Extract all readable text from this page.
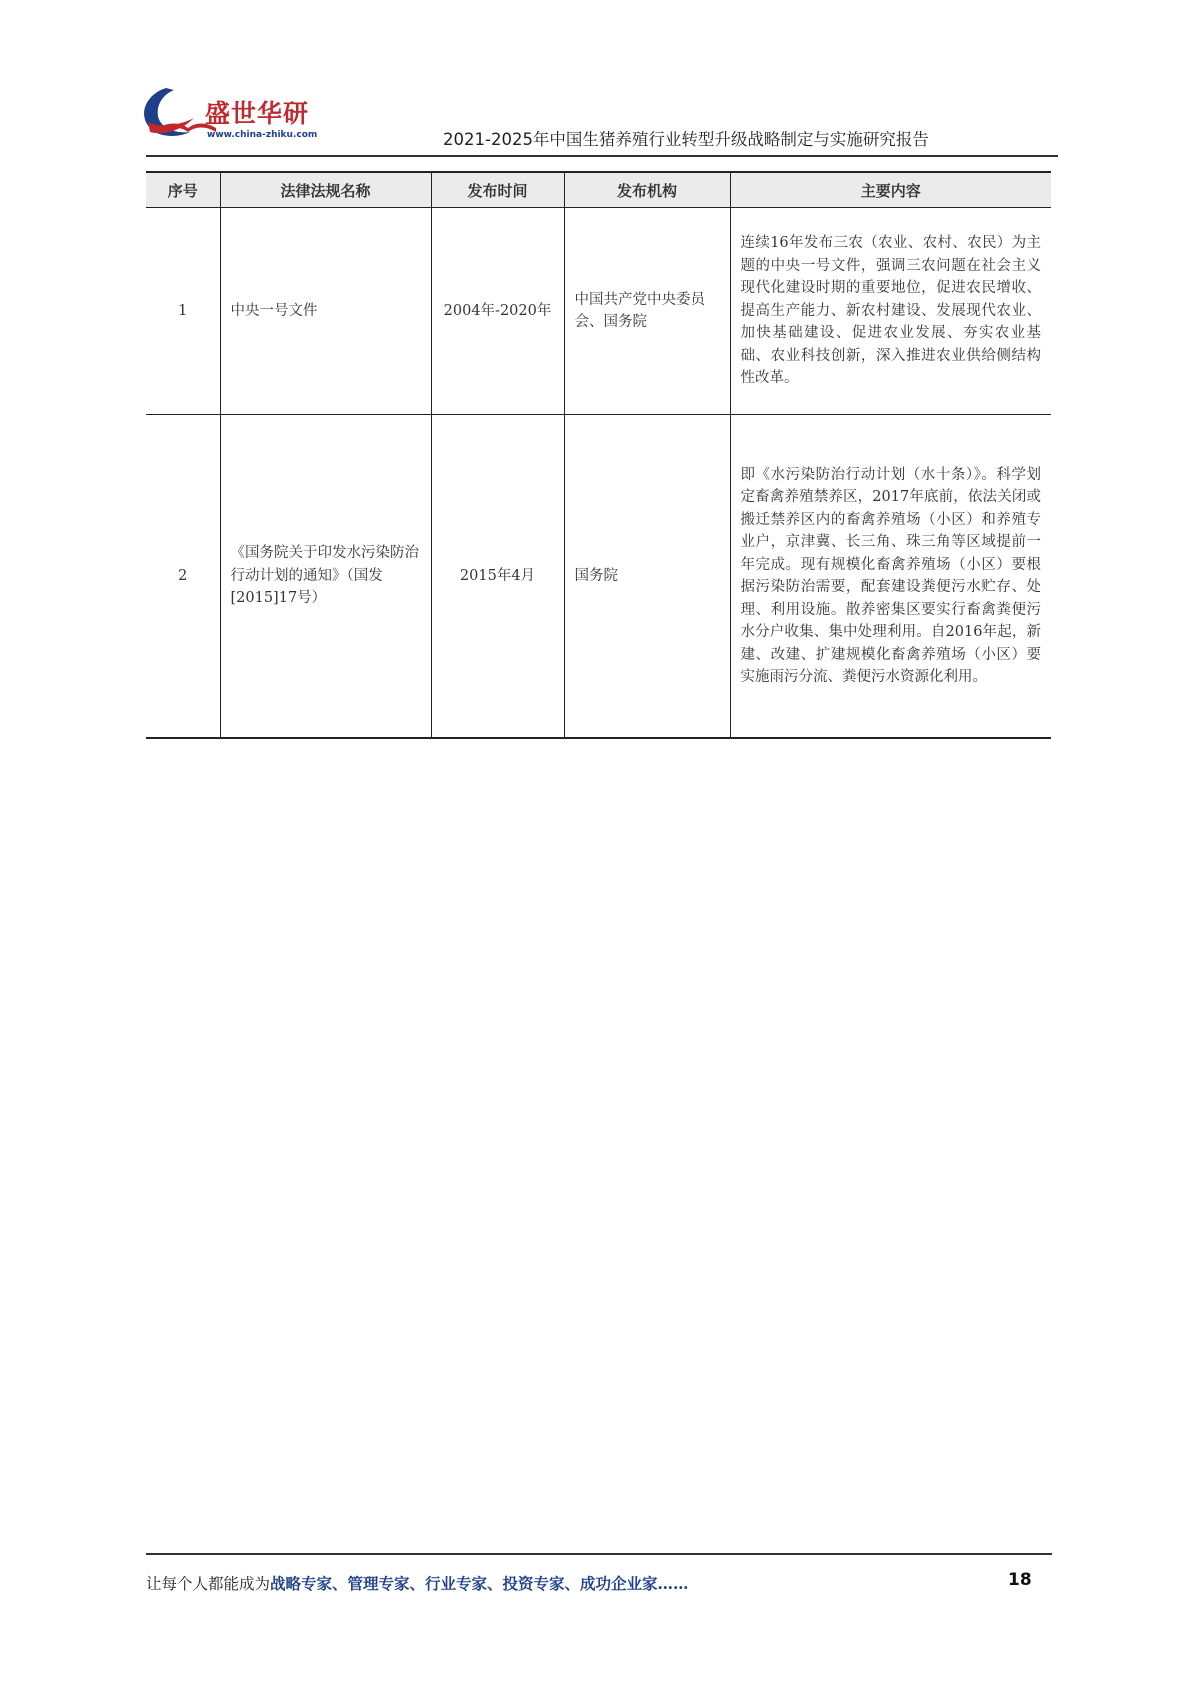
盛世华研
www.china-zhiku.com	2021-2025年中国生猪养殖行业转型升级战略制定与实施研究报告
序号	法律法规名称	发布时间	发布机构	主要内容
1	中央一号文件	2004年-2020年	中国共产党中央委员会、国务院	连续16年发布三农（农业、农村、农民）为主题的中央一号文件，强调三农问题在社会主义现代化建设时期的重要地位，促进农民增收、提高生产能力、新农村建设、发展现代农业、加快基础建设、促进农业发展、夯实农业基础、农业科技创新，深入推进农业供给侧结构性改革。
2	《国务院关于印发水污染防治行动计划的通知》（国发[2015]17号）	2015年4月	国务院	即《水污染防治行动计划（水十条）》。科学划定畜禽养殖禁养区，2017年底前，依法关闭或搬迁禁养区内的畜禽养殖场（小区）和养殖专业户，京津冀、长三角、珠三角等区域提前一年完成。现有规模化畜禽养殖场（小区）要根据污染防治需要，配套建设粪便污水贮存、处理、利用设施。散养密集区要实行畜禽粪便污水分户收集、集中处理利用。自2016年起，新建、改建、扩建规模化畜禽养殖场（小区）要实施雨污分流、粪便污水资源化利用。
让每个人都能成为战略专家、管理专家、行业专家、投资专家、成功企业家……	18
